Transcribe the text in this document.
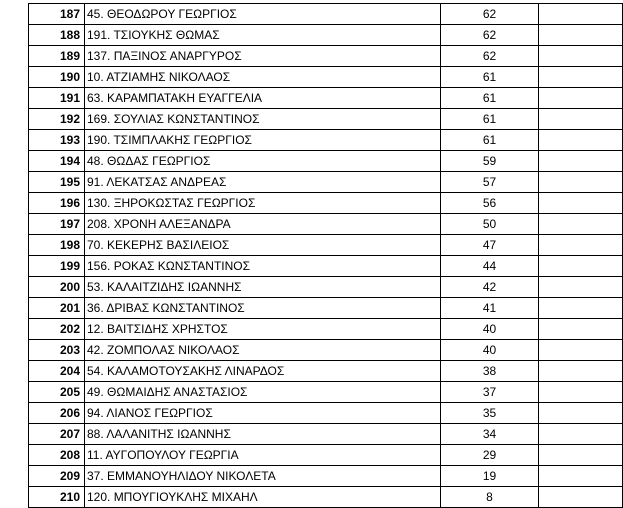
187	45. ΘΕΟΔΩΡΟΥ ΓΕΩΡΓΙΟΣ	62	
188	191. ΤΣΙΟΥΚΗΣ ΘΩΜΑΣ	62	
189	137. ΠΑΞΙΝΟΣ ΑΝΑΡΓΥΡΟΣ	62	
190	10. ΑΤΖΙΑΜΗΣ ΝΙΚΟΛΑΟΣ	61	
191	63. ΚΑΡΑΜΠΑΤΑΚΗ ΕΥΑΓΓΕΛΙΑ	61	
192	169. ΣΟΥΛΙΑΣ ΚΩΝΣΤΑΝΤΙΝΟΣ	61	
193	190. ΤΣΙΜΠΛΑΚΗΣ ΓΕΩΡΓΙΟΣ	61	
194	48. ΘΩΔΑΣ ΓΕΩΡΓΙΟΣ	59	
195	91. ΛΕΚΑΤΣΑΣ ΑΝΔΡΕΑΣ	57	
196	130. ΞΗΡΟΚΩΣΤΑΣ ΓΕΩΡΓΙΟΣ	56	
197	208. ΧΡΟΝΗ ΑΛΕΞΑΝΔΡΑ	50	
198	70. ΚΕΚΕΡΗΣ ΒΑΣΙΛΕΙΟΣ	47	
199	156. ΡΟΚΑΣ ΚΩΝΣΤΑΝΤΙΝΟΣ	44	
200	53. ΚΑΛΑΙΤΖΙΔΗΣ ΙΩΑΝΝΗΣ	42	
201	36. ΔΡΙΒΑΣ ΚΩΝΣΤΑΝΤΙΝΟΣ	41	
202	12. ΒΑΙΤΣΙΔΗΣ ΧΡΗΣΤΟΣ	40	
203	42. ΖΟΜΠΟΛΑΣ ΝΙΚΟΛΑΟΣ	40	
204	54. ΚΑΛΑΜΟΤΟΥΣΑΚΗΣ ΛΙΝΑΡΔΟΣ	38	
205	49. ΘΩΜΑΙΔΗΣ ΑΝΑΣΤΑΣΙΟΣ	37	
206	94. ΛΙΑΝΟΣ ΓΕΩΡΓΙΟΣ	35	
207	88. ΛΑΛΑΝΙΤΗΣ ΙΩΑΝΝΗΣ	34	
208	11. ΑΥΓΟΠΟΥΛΟΥ ΓΕΩΡΓΙΑ	29	
209	37. ΕΜΜΑΝΟΥΗΛΙΔΟΥ ΝΙΚΟΛΕΤΑ	19	
210	120. ΜΠΟΥΓΙΟΥΚΛΗΣ ΜΙΧΑΗΛ	8	
